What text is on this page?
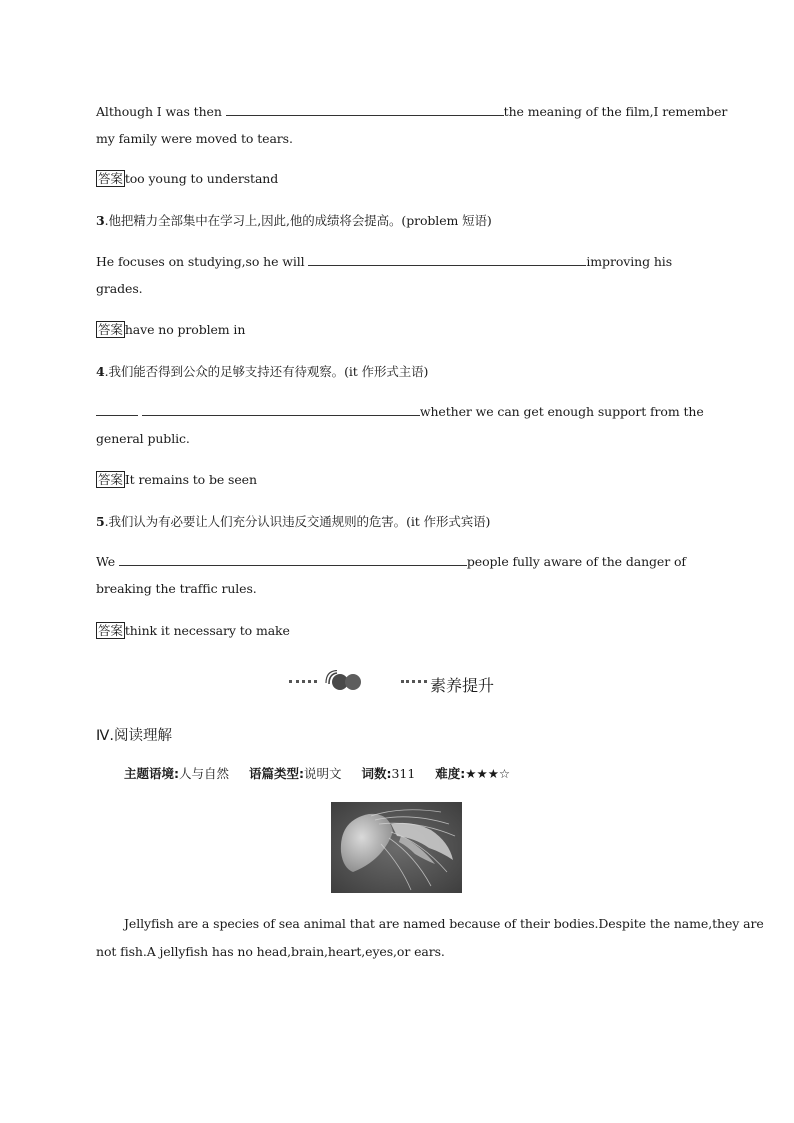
Although I was then	the meaning of the film,I remember
my family were moved to tears.
答案 too young to understand
3.他把精力全部集中在学习上,因此,他的成绩将会提高。(problem 短语)
He focuses on studying,so he will	improving his
grades.
答案 have no problem in
4.我们能否得到公众的足够支持还有待观察。(it 作形式主语)
whether we can get enough support from the
general public.
答案 It remains to be seen
5.我们认为有必要让人们充分认识违反交通规则的危害。(it 作形式宾语)
We	people fully aware of the danger of
breaking the traffic rules.
答案 think it necessary to make
素养提升
Ⅳ.阅读理解
主题语境:人与自然 语篇类型:说明文 词数:311 难度:★★★☆
Jellyfish are a species of sea animal that are named because of their bodies.Despite the name,they are
not fish.A jellyfish has no head,brain,heart,eyes,or ears.
